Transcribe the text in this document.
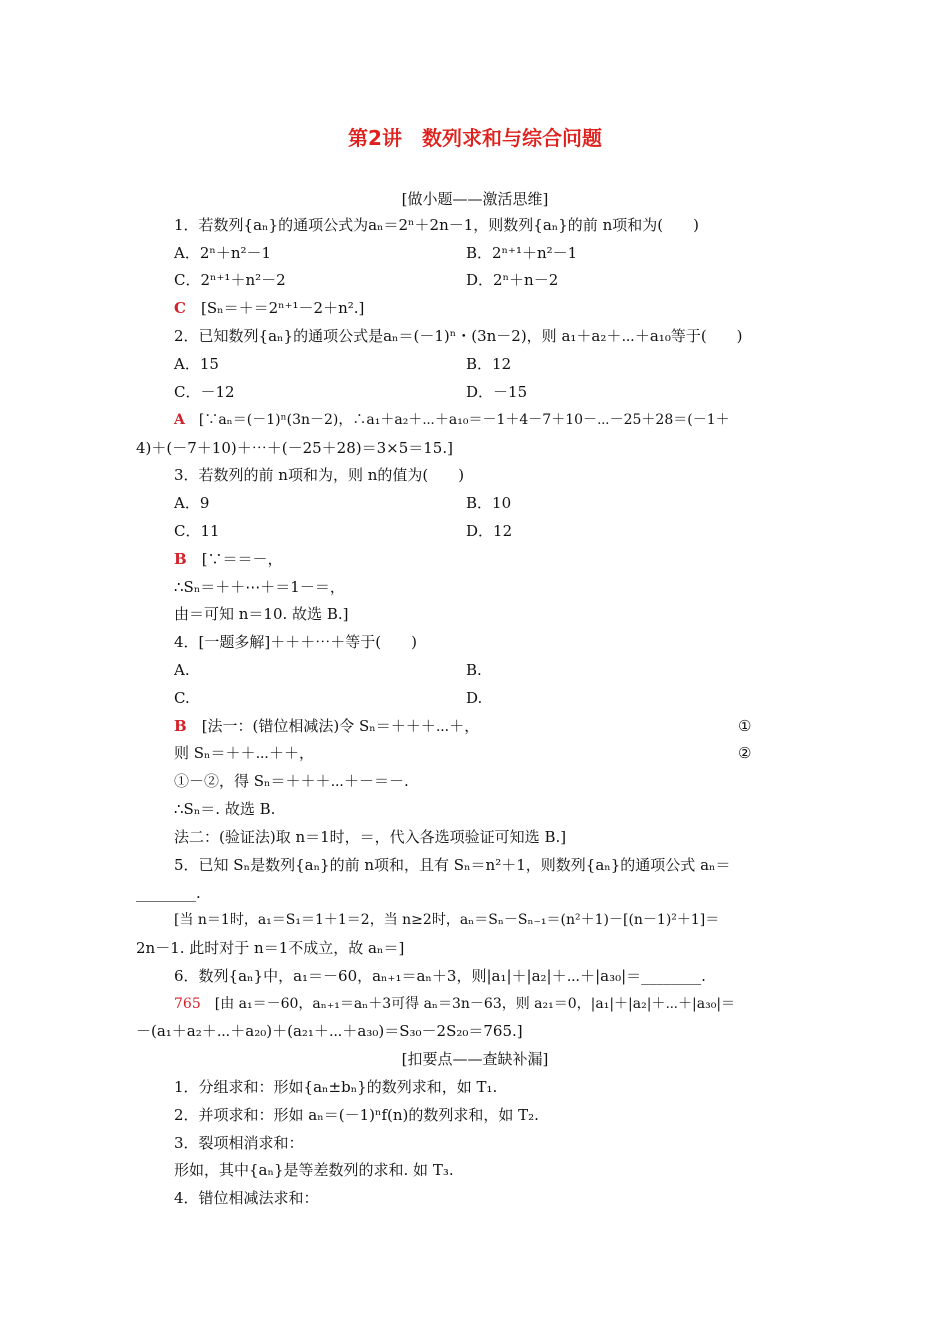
第2讲　数列求和与综合问题
[做小题——激活思维]
1．若数列{aₙ}的通项公式为aₙ＝2ⁿ＋2n－1，则数列{aₙ}的前 n项和为(　　)
A．2ⁿ＋n²－1	B．2ⁿ⁺¹＋n²－1
C．2ⁿ⁺¹＋n²－2	D．2ⁿ＋n－2
C　 [Sₙ＝＋＝2ⁿ⁺¹－2＋n².]
2．已知数列{aₙ}的通项公式是aₙ＝(－1)ⁿ・(3n－2)，则 a₁＋a₂＋⋯＋a₁₀等于(　　)
A．15	B．12
C．－12	D．－15
A　 [∵aₙ＝(－1)ⁿ(3n－2)，∴a₁＋a₂＋⋯＋a₁₀＝－1＋4－7＋10－⋯－25＋28＝(－1＋
4)＋(－7＋10)＋⋯＋(－25＋28)＝3×5＝15.]
3．若数列的前 n项和为，则 n的值为(　　)
A．9	B．10
C．11	D．12
B　 [∵＝＝－，
∴Sₙ＝＋＋⋯＋＝1－＝，
由＝可知 n＝10. 故选 B.]
4．[一题多解]＋＋＋⋯＋等于(　　)
A.	B.
C.	D.
B　 [法一：(错位相减法)令 Sₙ＝＋＋＋⋯＋，	①
则 Sₙ＝＋＋⋯＋＋，	②
①－②，得 Sₙ＝＋＋＋⋯＋－＝－.
∴Sₙ＝. 故选 B.
法二：(验证法)取 n＝1时，＝，代入各选项验证可知选 B.]
5．已知 Sₙ是数列{aₙ}的前 n项和，且有 Sₙ＝n²＋1，则数列{aₙ}的通项公式 aₙ＝
________.
[当 n＝1时，a₁＝S₁＝1＋1＝2，当 n≥2时，aₙ＝Sₙ－Sₙ₋₁＝(n²＋1)－[(n－1)²＋1]＝
2n－1. 此时对于 n＝1不成立，故 aₙ＝]
6．数列{aₙ}中，a₁＝－60，aₙ₊₁＝aₙ＋3，则|a₁|＋|a₂|＋⋯＋|a₃₀|＝________.
765　 [由 a₁＝－60，aₙ₊₁＝aₙ＋3可得 aₙ＝3n－63，则 a₂₁＝0，|a₁|＋|a₂|＋⋯＋|a₃₀|＝
－(a₁＋a₂＋⋯＋a₂₀)＋(a₂₁＋⋯＋a₃₀)＝S₃₀－2S₂₀＝765.]
[扣要点——查缺补漏]
1．分组求和：形如{aₙ±bₙ}的数列求和，如 T₁.
2．并项求和：形如 aₙ＝(－1)ⁿf(n)的数列求和，如 T₂.
3．裂项相消求和：
形如，其中{aₙ}是等差数列的求和. 如 T₃.
4．错位相减法求和：
